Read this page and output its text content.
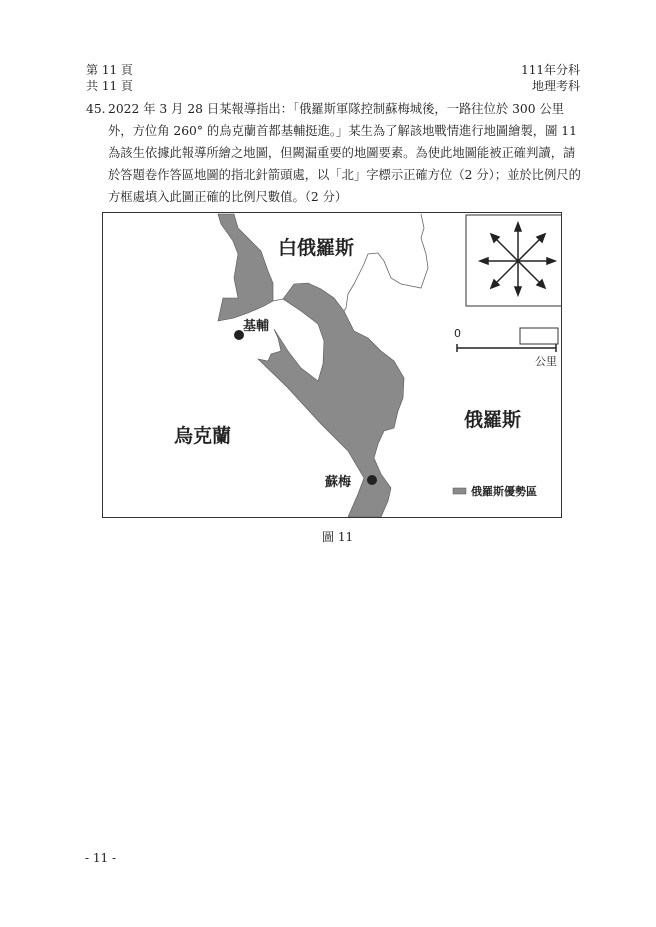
第 11 頁
共 11 頁
111年分科
地理考科
45. 2022 年 3 月 28 日某報導指出：「俄羅斯軍隊控制蘇梅城後，一路往位於 300 公里外，方位角 260° 的烏克蘭首都基輔挺進。」某生為了解該地戰情進行地圖繪製，圖 11 為該生依據此報導所繪之地圖，但闕漏重要的地圖要素。為使此地圖能被正確判讀，請於答題卷作答區地圖的指北針箭頭處，以「北」字標示正確方位（2 分）；並於比例尺的方框處填入此圖正確的比例尺數值。（2 分）
白俄羅斯
基輔
烏克蘭
俄羅斯
蘇梅
0
公里
俄羅斯優勢區
圖 11
- 11 -
